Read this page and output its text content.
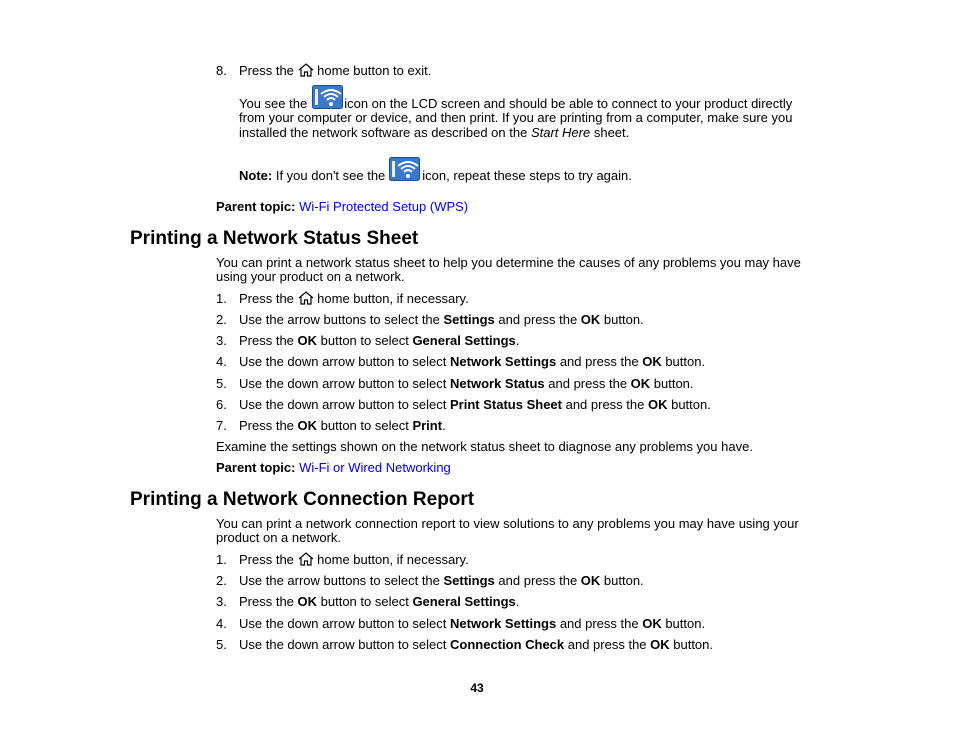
8. Press the home button to exit.
You see the	icon on the LCD screen and should be able to connect to your product directly
from your computer or device, and then print. If you are printing from a computer, make sure you
installed the network software as described on the Start Here sheet.
Note: If you don't see the	icon, repeat these steps to try again.
Parent topic: Wi-Fi Protected Setup (WPS)
Printing a Network Status Sheet
You can print a network status sheet to help you determine the causes of any problems you may have
using your product on a network.
1. Press the home button, if necessary.
2. Use the arrow buttons to select the Settings and press the OK button.
3. Press the OK button to select General Settings.
4. Use the down arrow button to select Network Settings and press the OK button.
5. Use the down arrow button to select Network Status and press the OK button.
6. Use the down arrow button to select Print Status Sheet and press the OK button.
7. Press the OK button to select Print.
Examine the settings shown on the network status sheet to diagnose any problems you have.
Parent topic: Wi-Fi or Wired Networking
Printing a Network Connection Report
You can print a network connection report to view solutions to any problems you may have using your
product on a network.
1. Press the home button, if necessary.
2. Use the arrow buttons to select the Settings and press the OK button.
3. Press the OK button to select General Settings.
4. Use the down arrow button to select Network Settings and press the OK button.
5. Use the down arrow button to select Connection Check and press the OK button.
43
